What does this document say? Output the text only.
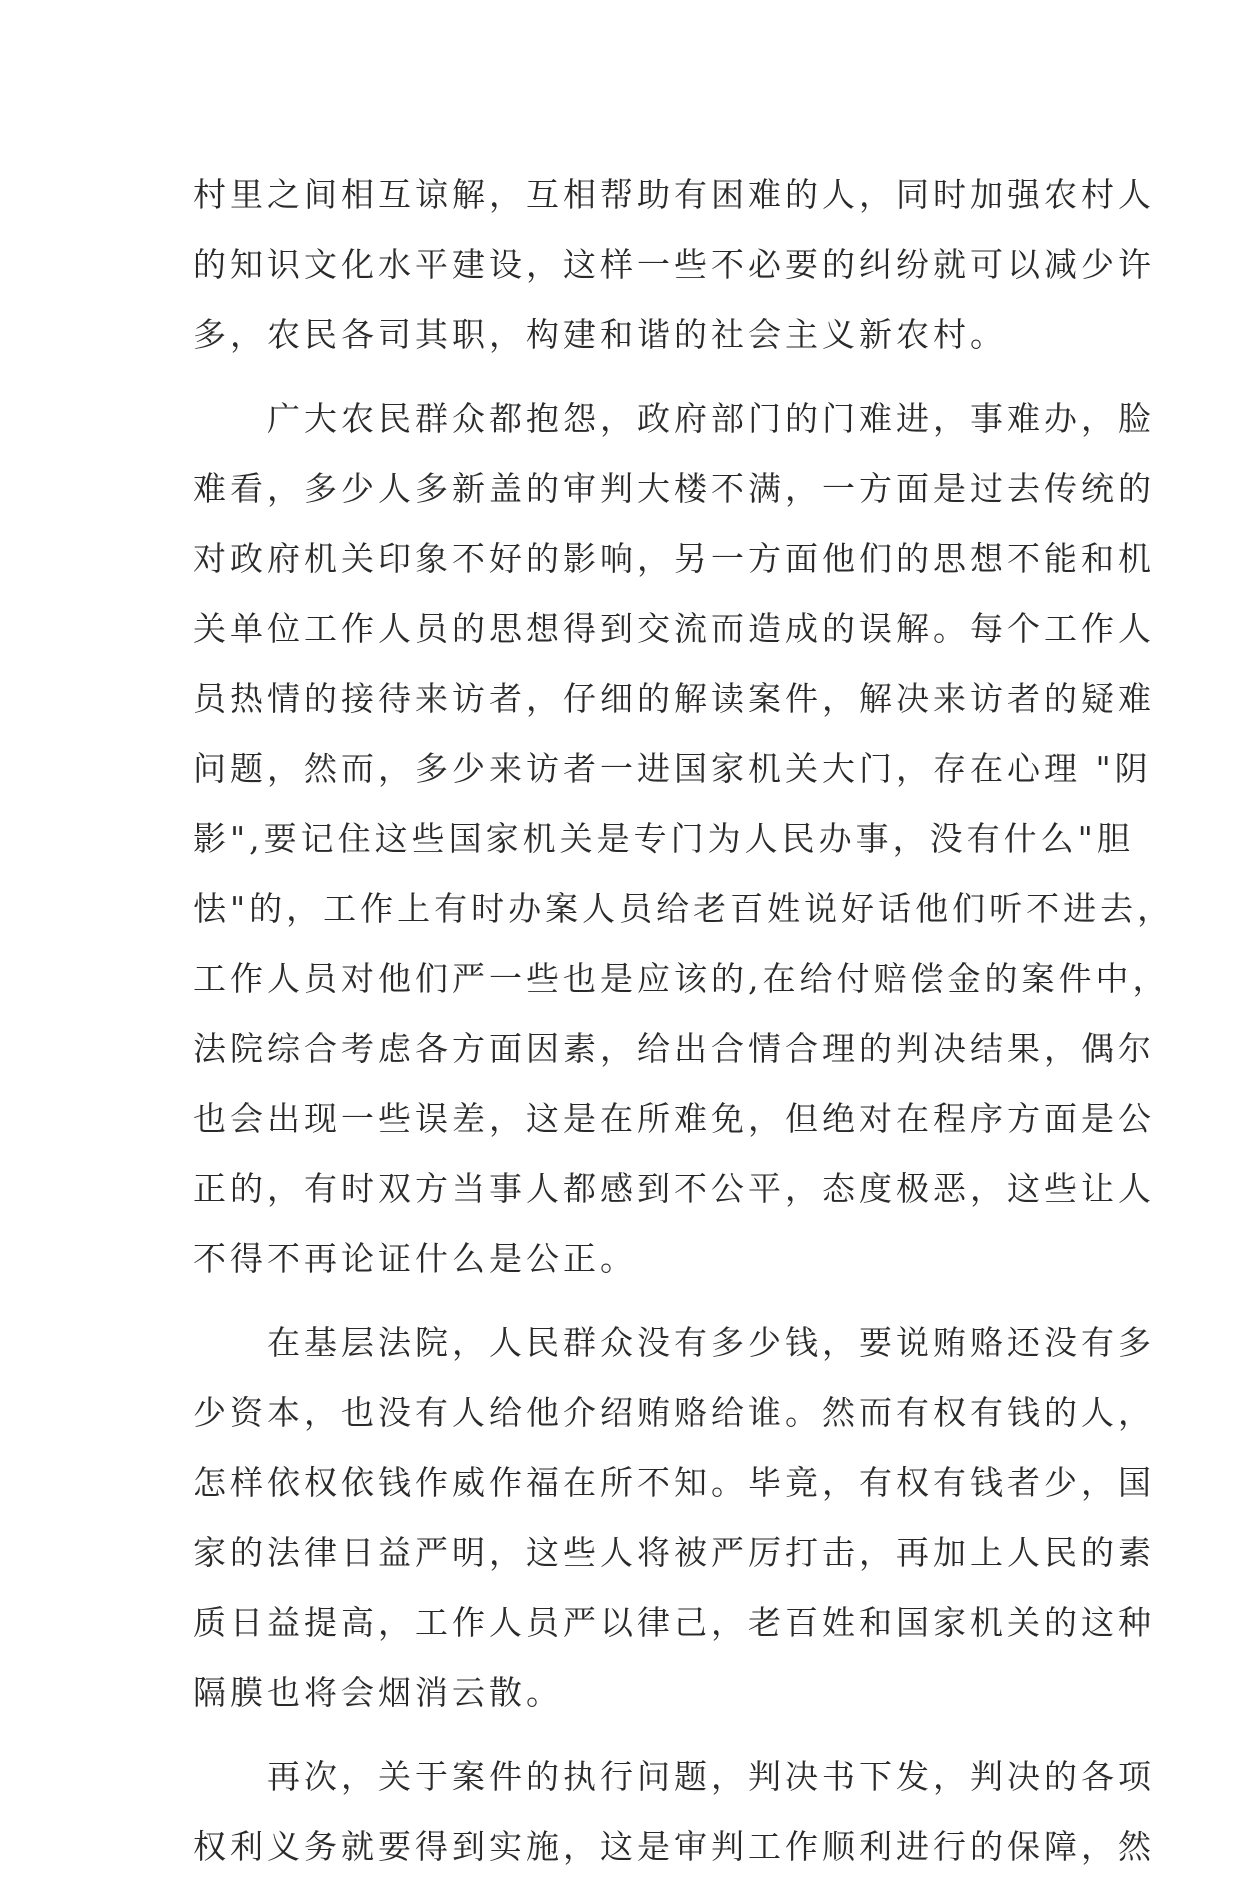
村里之间相互谅解，互相帮助有困难的人，同时加强农村人
的知识文化水平建设，这样一些不必要的纠纷就可以减少许
多，农民各司其职，构建和谐的社会主义新农村。
　　广大农民群众都抱怨，政府部门的门难进，事难办，脸
难看，多少人多新盖的审判大楼不满，一方面是过去传统的
对政府机关印象不好的影响，另一方面他们的思想不能和机
关单位工作人员的思想得到交流而造成的误解。每个工作人
员热情的接待来访者，仔细的解读案件，解决来访者的疑难
问题，然而，多少来访者一进国家机关大门，存在心理 "阴
影",要记住这些国家机关是专门为人民办事，没有什么"胆
怯"的，工作上有时办案人员给老百姓说好话他们听不进去，
工作人员对他们严一些也是应该的,在给付赔偿金的案件中，
法院综合考虑各方面因素，给出合情合理的判决结果，偶尔
也会出现一些误差，这是在所难免，但绝对在程序方面是公
正的，有时双方当事人都感到不公平，态度极恶，这些让人
不得不再论证什么是公正。
　　在基层法院，人民群众没有多少钱，要说贿赂还没有多
少资本，也没有人给他介绍贿赂给谁。然而有权有钱的人，
怎样依权依钱作威作福在所不知。毕竟，有权有钱者少，国
家的法律日益严明，这些人将被严厉打击，再加上人民的素
质日益提高，工作人员严以律己，老百姓和国家机关的这种
隔膜也将会烟消云散。
　　再次，关于案件的执行问题，判决书下发，判决的各项
权利义务就要得到实施，这是审判工作顺利进行的保障，然
